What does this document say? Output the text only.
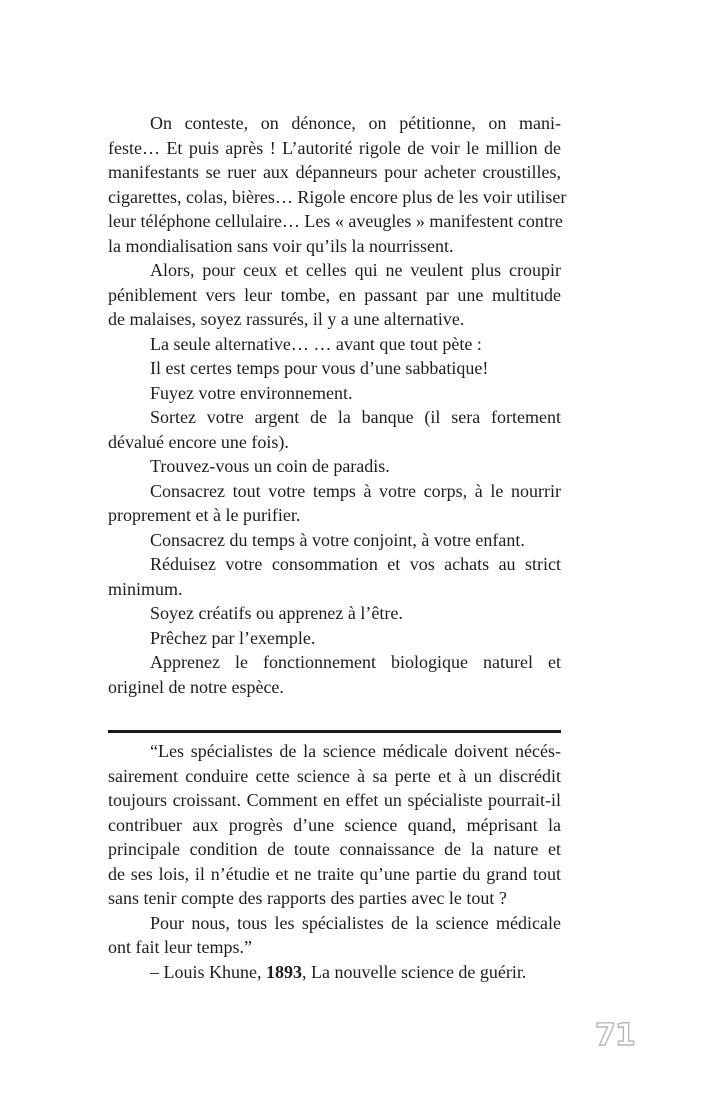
On conteste, on dénonce, on pétitionne, on mani-
feste… Et puis après ! L’autorité rigole de voir le million de
manifestants se ruer aux dépanneurs pour acheter croustilles,
cigarettes, colas, bières… Rigole encore plus de les voir utiliser
leur téléphone cellulaire… Les « aveugles » manifestent contre
la mondialisation sans voir qu’ils la nourrissent.
Alors, pour ceux et celles qui ne veulent plus croupir
péniblement vers leur tombe, en passant par une multitude
de malaises, soyez rassurés, il y a une alternative.
La seule alternative… … avant que tout pète :
Il est certes temps pour vous d’une sabbatique!
Fuyez votre environnement.
Sortez votre argent de la banque (il sera fortement
dévalué encore une fois).
Trouvez-vous un coin de paradis.
Consacrez tout votre temps à votre corps, à le nourrir
proprement et à le purifier.
Consacrez du temps à votre conjoint, à votre enfant.
Réduisez votre consommation et vos achats au strict
minimum.
Soyez créatifs ou apprenez à l’être.
Prêchez par l’exemple.
Apprenez le fonctionnement biologique naturel et
originel de notre espèce.
“Les spécialistes de la science médicale doivent nécés-
sairement conduire cette science à sa perte et à un discrédit
toujours croissant. Comment en effet un spécialiste pourrait-il
contribuer aux progrès d’une science quand, méprisant la
principale condition de toute connaissance de la nature et
de ses lois, il n’étudie et ne traite qu’une partie du grand tout
sans tenir compte des rapports des parties avec le tout ?
Pour nous, tous les spécialistes de la science médicale
ont fait leur temps.”
– Louis Khune, 1893, La nouvelle science de guérir.
71
